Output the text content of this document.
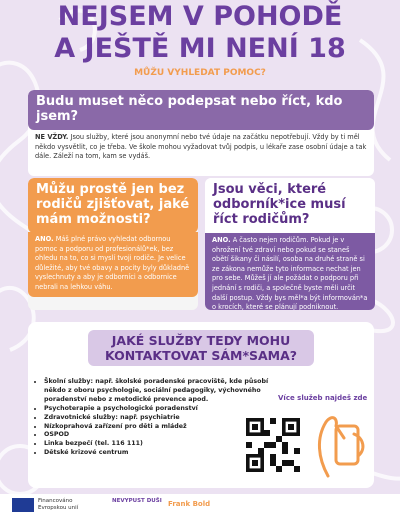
NEJSEM V POHODĚ
A JEŠTĚ MI NENÍ 18
MŮŽU VYHLEDAT POMOC?
Budu muset něco podepsat nebo říct, kdo jsem?
NE VŽDY. Jsou služby, které jsou anonymní nebo tvé údaje na začátku nepotřebují. Vždy by ti měl někdo vysvětlit, co je třeba. Ve škole mohou vyžadovat tvůj podpis, u lékaře zase osobní údaje a tak dále. Záleží na tom, kam se vydáš.
Můžu prostě jen bez rodičů zjišťovat, jaké mám možnosti?
ANO. Máš plné právo vyhledat odbornou pomoc a podporu od profesionálů*ek, bez ohledu na to, co si myslí tvoji rodiče. Je velice důležité, aby tvé obavy a pocity byly důkladně vyslechnuty a aby je odborníci a odbornice nebrali na lehkou váhu.
Jsou věci, které odborník*ice musí říct rodičům?
ANO. A často nejen rodičům. Pokud je v ohrožení tvé zdraví nebo pokud se staneš obětí šikany či násilí, osoba na druhé straně si ze zákona nemůže tyto informace nechat jen pro sebe. Můžeš jí ale požádat o podporu při jednání s rodiči, a společně byste měli určit další postup. Vždy bys měl*a být informován*a o krocích, které se plánují podniknout.
JAKÉ SLUŽBY TEDY MOHU KONTAKTOVAT SÁM*SAMA?
• Školní služby: např. školské poradenské pracoviště, kde působí někdo z oboru psychologie, sociální pedagogiky, výchovného poradenství nebo z metodické prevence apod.
• Psychoterapie a psychologické poradenství
• Zdravotnické služby: např. psychiatrie
• Nízkoprahová zařízení pro děti a mládež
• OSPOD
• Linka bezpečí (tel. 116 111)
• Dětské krizové centrum
Více služeb najdeš zde
Financováno Evropskou unií
NEVYPUST DUŠI Frank Bold
